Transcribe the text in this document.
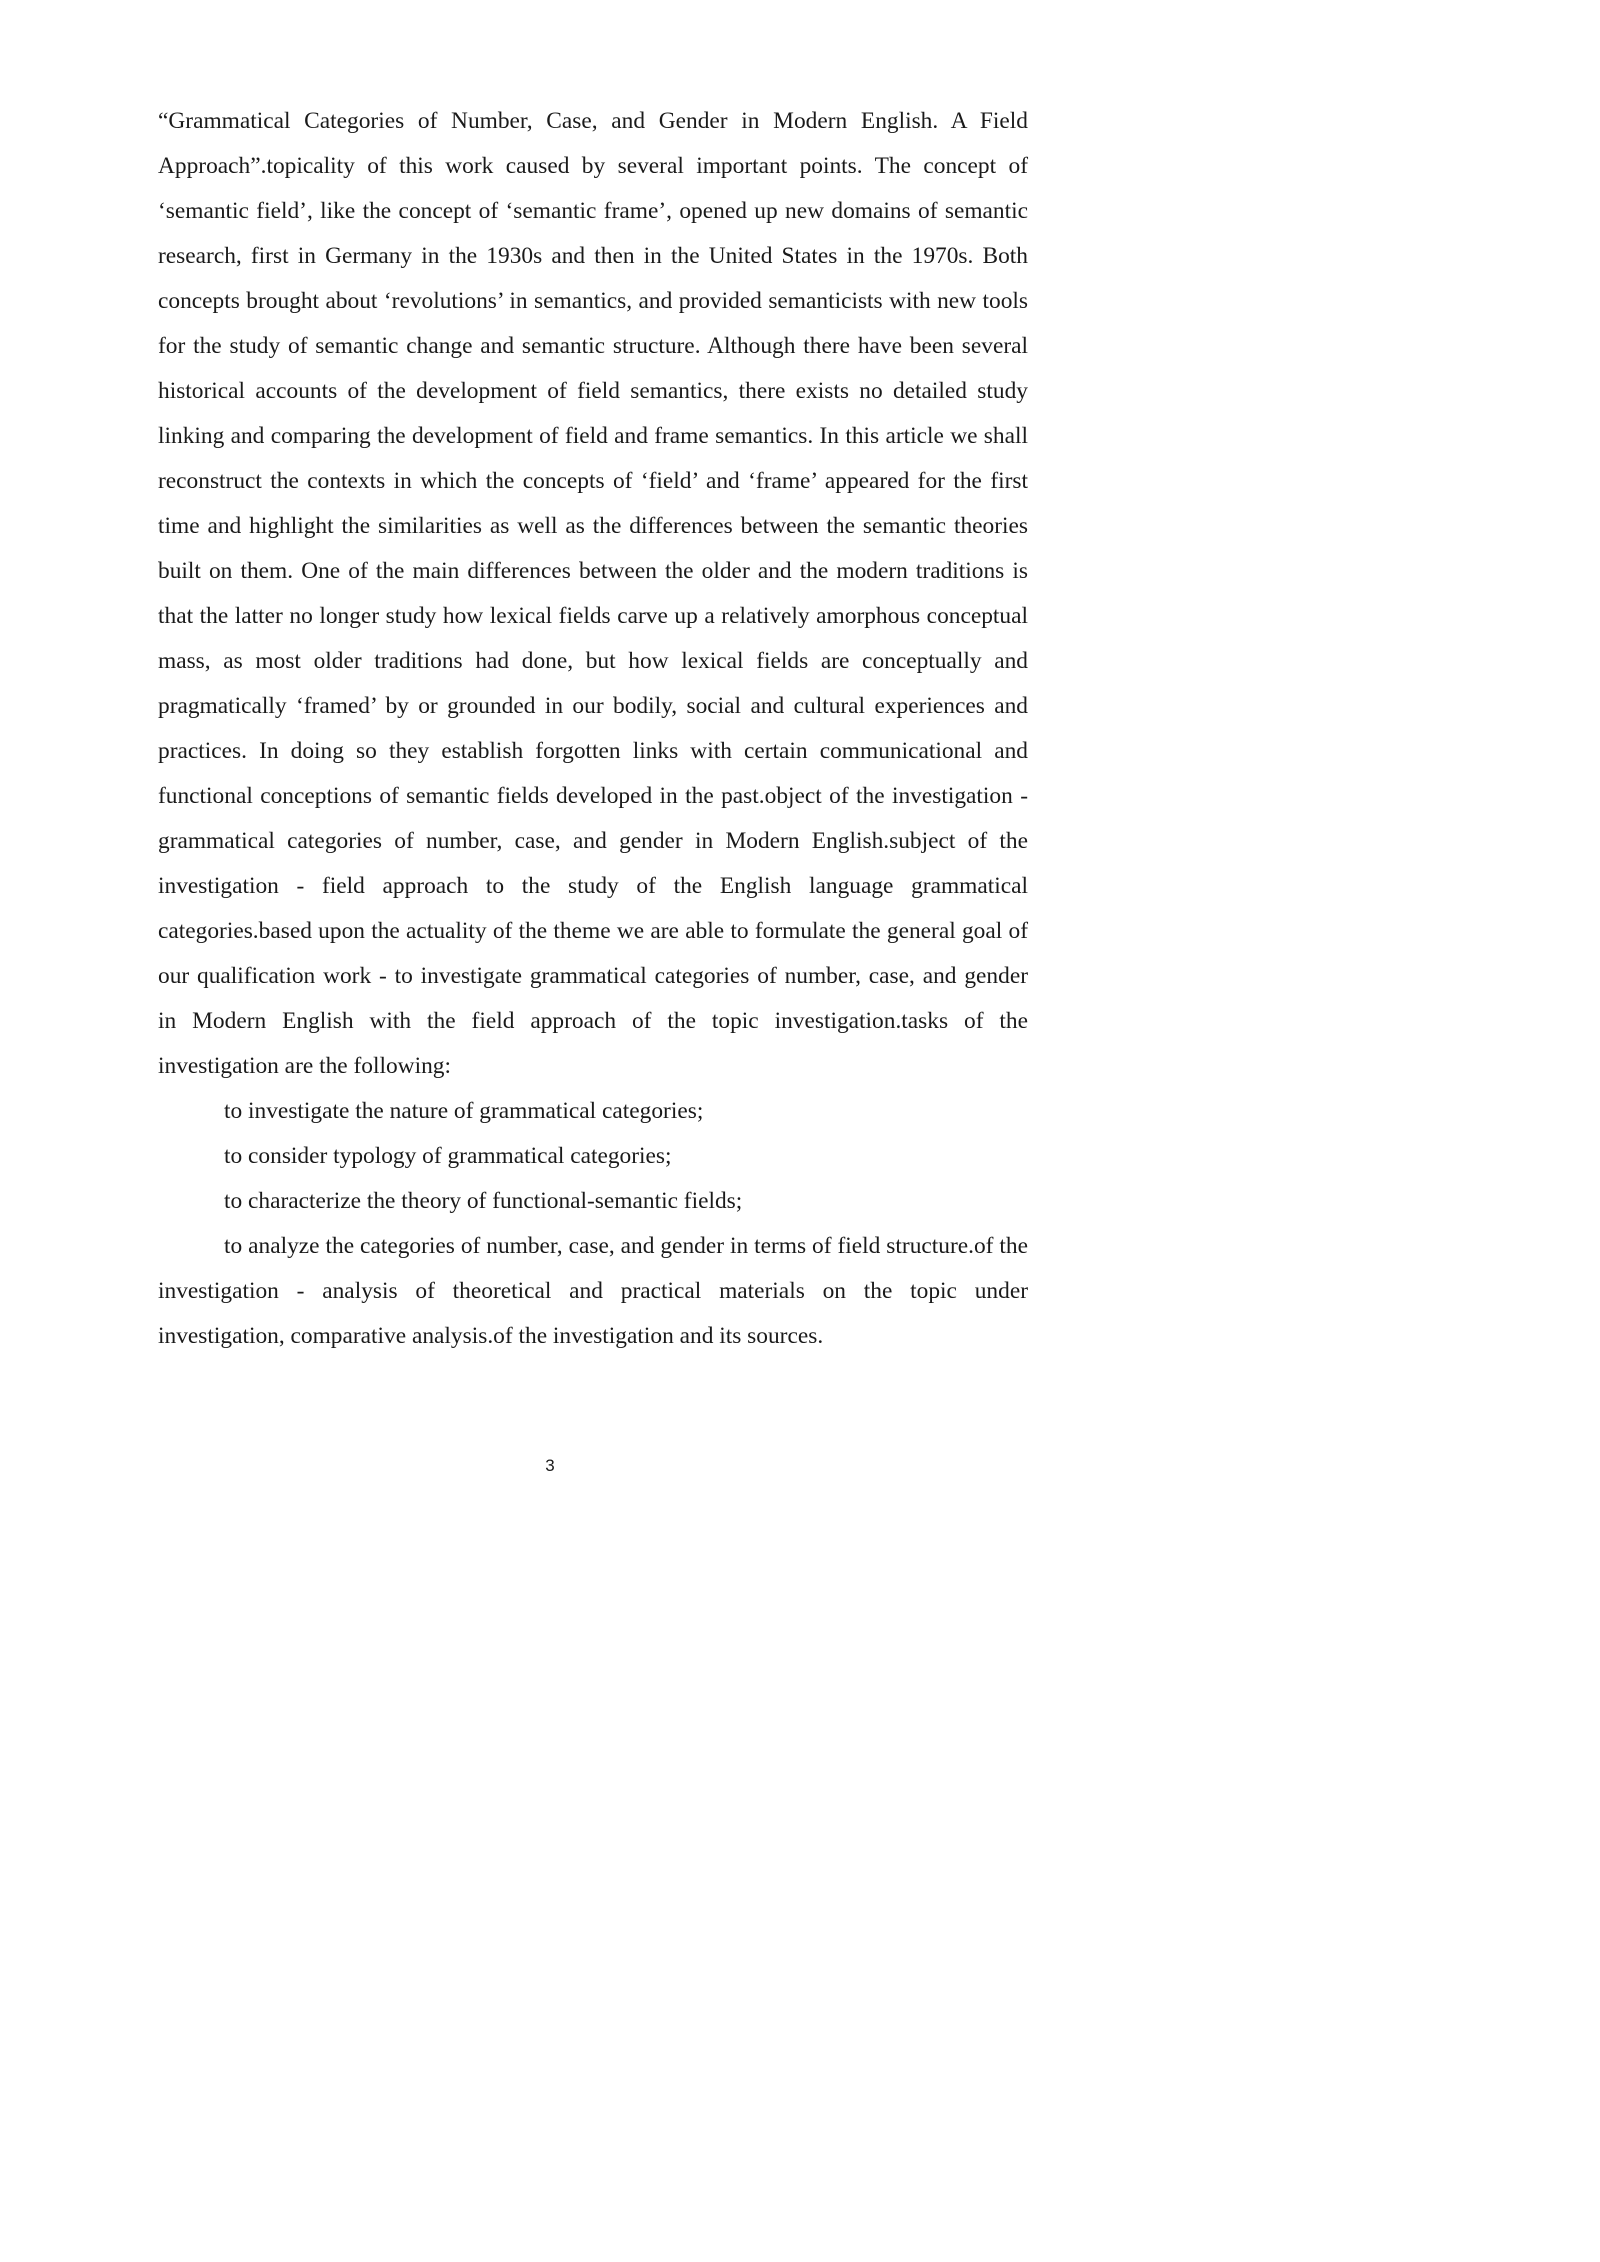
“Grammatical Categories of Number, Case, and Gender in Modern English. A Field Approach”.topicality of this work caused by several important points. The concept of ‘semantic field’, like the concept of ‘semantic frame’, opened up new domains of semantic research, first in Germany in the 1930s and then in the United States in the 1970s. Both concepts brought about ‘revolutions’ in semantics, and provided semanticists with new tools for the study of semantic change and semantic structure. Although there have been several historical accounts of the development of field semantics, there exists no detailed study linking and comparing the development of field and frame semantics. In this article we shall reconstruct the contexts in which the concepts of ‘field’ and ‘frame’ appeared for the first time and highlight the similarities as well as the differences between the semantic theories built on them. One of the main differences between the older and the modern traditions is that the latter no longer study how lexical fields carve up a relatively amorphous conceptual mass, as most older traditions had done, but how lexical fields are conceptually and pragmatically ‘framed’ by or grounded in our bodily, social and cultural experiences and practices. In doing so they establish forgotten links with certain communicational and functional conceptions of semantic fields developed in the past.object of the investigation - grammatical categories of number, case, and gender in Modern English.subject of the investigation - field approach to the study of the English language grammatical categories.based upon the actuality of the theme we are able to formulate the general goal of our qualification work - to investigate grammatical categories of number, case, and gender in Modern English with the field approach of the topic investigation.tasks of the investigation are the following:

to investigate the nature of grammatical categories;

to consider typology of grammatical categories;

to characterize the theory of functional-semantic fields;

to analyze the categories of number, case, and gender in terms of field structure.of the investigation - analysis of theoretical and practical materials on the topic under investigation, comparative analysis.of the investigation and its sources.

3
